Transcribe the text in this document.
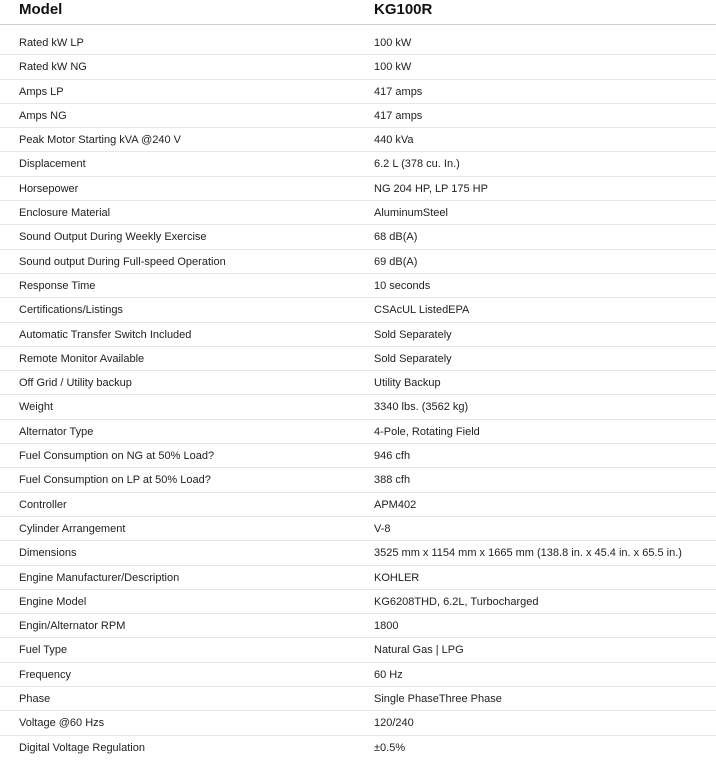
Model	KG100R
Rated kW LP	100 kW
Rated kW NG	100 kW
Amps LP	417 amps
Amps NG	417 amps
Peak Motor Starting kVA @240 V	440 kVa
Displacement	6.2 L (378 cu. In.)
Horsepower	NG 204 HP, LP 175 HP
Enclosure Material	AluminumSteel
Sound Output During Weekly Exercise	68 dB(A)
Sound output During Full-speed Operation	69 dB(A)
Response Time	10 seconds
Certifications/Listings	CSAcUL ListedEPA
Automatic Transfer Switch Included	Sold Separately
Remote Monitor Available	Sold Separately
Off Grid / Utility backup	Utility Backup
Weight	3340 lbs. (3562 kg)
Alternator Type	4-Pole, Rotating Field
Fuel Consumption on NG at 50% Load?	946 cfh
Fuel Consumption on LP at 50% Load?	388 cfh
Controller	APM402
Cylinder Arrangement	V-8
Dimensions	3525 mm x 1154 mm x 1665 mm (138.8 in. x 45.4 in. x 65.5 in.)
Engine Manufacturer/Description	KOHLER
Engine Model	KG6208THD, 6.2L, Turbocharged
Engin/Alternator RPM	1800
Fuel Type	Natural Gas | LPG
Frequency	60 Hz
Phase	Single PhaseThree Phase
Voltage @60 Hzs	120/240
Digital Voltage Regulation	±0.5%
